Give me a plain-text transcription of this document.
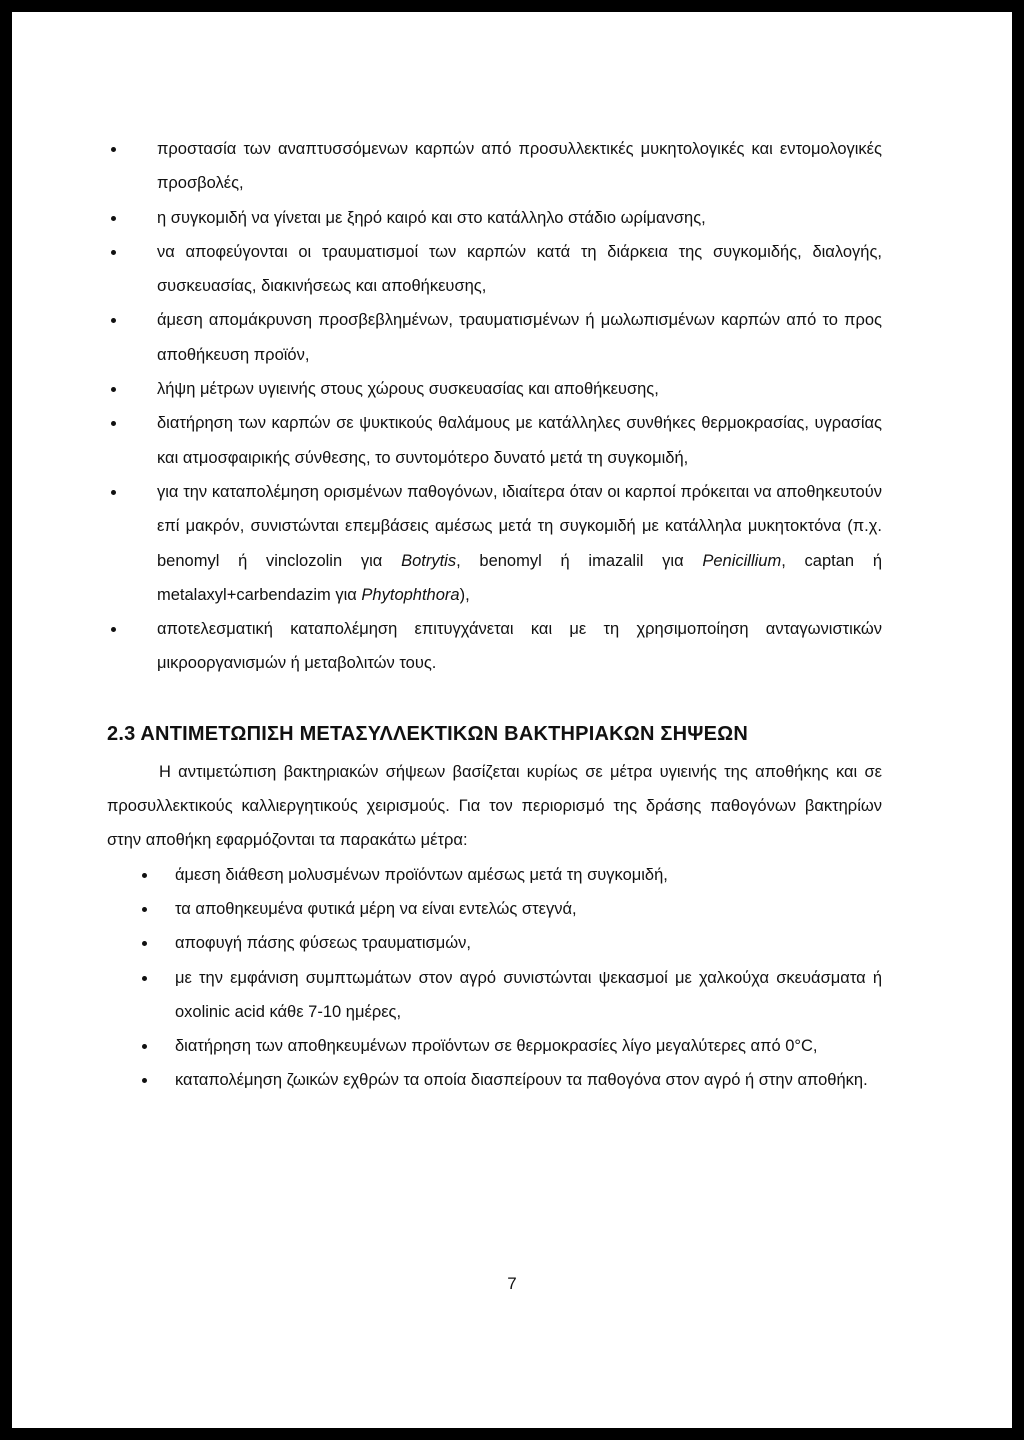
προστασία των αναπτυσσόμενων καρπών από προσυλλεκτικές μυκητολογικές και εντομολογικές προσβολές,
η συγκομιδή να γίνεται με ξηρό καιρό και στο κατάλληλο στάδιο ωρίμανσης,
να αποφεύγονται οι τραυματισμοί των καρπών κατά τη διάρκεια της συγκομιδής, διαλογής, συσκευασίας, διακινήσεως και αποθήκευσης,
άμεση απομάκρυνση προσβεβλημένων, τραυματισμένων ή μωλωπισμένων καρπών από το προς αποθήκευση προϊόν,
λήψη μέτρων υγιεινής στους χώρους συσκευασίας και αποθήκευσης,
διατήρηση των καρπών σε ψυκτικούς θαλάμους με κατάλληλες συνθήκες θερμοκρασίας, υγρασίας και ατμοσφαιρικής σύνθεσης, το συντομότερο δυνατό μετά τη συγκομιδή,
για την καταπολέμηση ορισμένων παθογόνων, ιδιαίτερα όταν οι καρποί πρόκειται να αποθηκευτούν επί μακρόν, συνιστώνται επεμβάσεις αμέσως μετά τη συγκομιδή με κατάλληλα μυκητοκτόνα (π.χ. benomyl ή vinclozolin για Botrytis, benomyl ή imazalil για Penicillium, captan ή metalaxyl+carbendazim για Phytophthora),
αποτελεσματική καταπολέμηση επιτυγχάνεται και με τη χρησιμοποίηση ανταγωνιστικών μικροοργανισμών ή μεταβολιτών τους.
2.3 ΑΝΤΙΜΕΤΩΠΙΣΗ ΜΕΤΑΣΥΛΛΕΚΤΙΚΩΝ ΒΑΚΤΗΡΙΑΚΩΝ ΣΗΨΕΩΝ

Η αντιμετώπιση βακτηριακών σήψεων βασίζεται κυρίως σε μέτρα υγιεινής της αποθήκης και σε προσυλλεκτικούς καλλιεργητικούς χειρισμούς. Για τον περιορισμό της δράσης παθογόνων βακτηρίων στην αποθήκη εφαρμόζονται τα παρακάτω μέτρα:

άμεση διάθεση μολυσμένων προϊόντων αμέσως μετά τη συγκομιδή,
τα αποθηκευμένα φυτικά μέρη να είναι εντελώς στεγνά,
αποφυγή πάσης φύσεως τραυματισμών,
με την εμφάνιση συμπτωμάτων στον αγρό συνιστώνται ψεκασμοί με χαλκούχα σκευάσματα ή oxolinic acid κάθε 7-10 ημέρες,
διατήρηση των αποθηκευμένων προϊόντων σε θερμοκρασίες λίγο μεγαλύτερες από 0°C,
καταπολέμηση ζωικών εχθρών τα οποία διασπείρουν τα παθογόνα στον αγρό ή στην αποθήκη.
7
